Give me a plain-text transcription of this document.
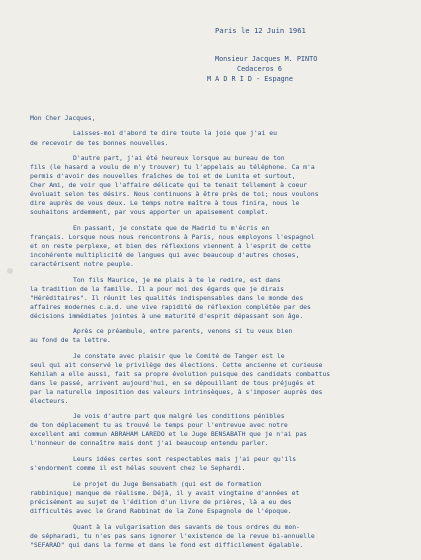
Paris le 12 Juin 1961
Monsieur Jacques M. PINTO
Cedaceros 6
M A D R I D - Espagne
Mon Cher Jacques,
Laisses-moi d'abord te dire toute la joie que j'ai eu
de recevoir de tes bonnes nouvelles.
D'autre part, j'ai été heureux lorsque au bureau de ton
fils (le hasard a voulu de m'y trouver) tu l'appelais au téléphone. Ca m'a
permis d'avoir des nouvelles fraîches de toi et de Lunita et surtout,
Cher Ami, de voir que l'affaire délicate qui te tenait tellement à coeur
évoluait selon tes désirs. Nous continuons à être près de toi; nous voulons
dire auprès de vous deux. Le temps notre maître à tous finira, nous le
souhaitons ardemment, par vous apporter un apaisement complet.
En passant, je constate que de Madrid tu m'écris en
français. Lorsque nous nous rencontrons à Paris, nous employons l'espagnol
et on reste perplexe, et bien des réflexions viennent à l'esprit de cette
incohérente multiplicité de langues qui avec beaucoup d'autres choses,
caractérisent notre peuple.
Ton fils Maurice, je me plais à te le redire, est dans
la tradition de la famille. Il a pour moi des égards que je dirais
"Héréditaires". Il réunit les qualités indispensables dans le monde des
affaires modernes c.a.d. une vive rapidité de réflexion complétée par des
décisions immédiates jointes à une maturité d'esprit dépassant son âge.
Après ce préambule, entre parents, venons si tu veux bien
au fond de ta lettre.
Je constate avec plaisir que le Comité de Tanger est le
seul qui ait conservé le privilège des élections. Cette ancienne et curieuse
Kehilah a elle aussi, fait sa propre évolution puisque des candidats combattus
dans le passé, arrivent aujourd'hui, en se dépouillant de tous préjugés et
par la naturelle imposition des valeurs intrinsèques, à s'imposer auprès des
électeurs.
Je vois d'autre part que malgré les conditions pénibles
de ton déplacement tu as trouvé le temps pour l'entrevue avec notre
excellent ami commun ABRAHAM LAREDO et le Juge BENSABATH que je n'ai pas
l'honneur de connaître mais dont j'ai beaucoup entendu parler.
Leurs idées certes sont respectables mais j'ai peur qu'ils
s'endorment comme il est hélas souvent chez le Sephardi.
Le projet du Juge Bensabath (qui est de formation
rabbinique) manque de réalisme. Déjà, il y avait vingtaine d'années et
précisément au sujet de l'édition d'un livre de prières, là a eu des
difficultés avec le Grand Rabbinat de la Zone Espagnole de l'époque.
Quant à la vulgarisation des savants de tous ordres du mon-
de sépharadi, tu n'es pas sans ignorer l'existence de la revue bi-annuelle
"SEFARAD" qui dans la forme et dans le fond est difficilement égalable.
